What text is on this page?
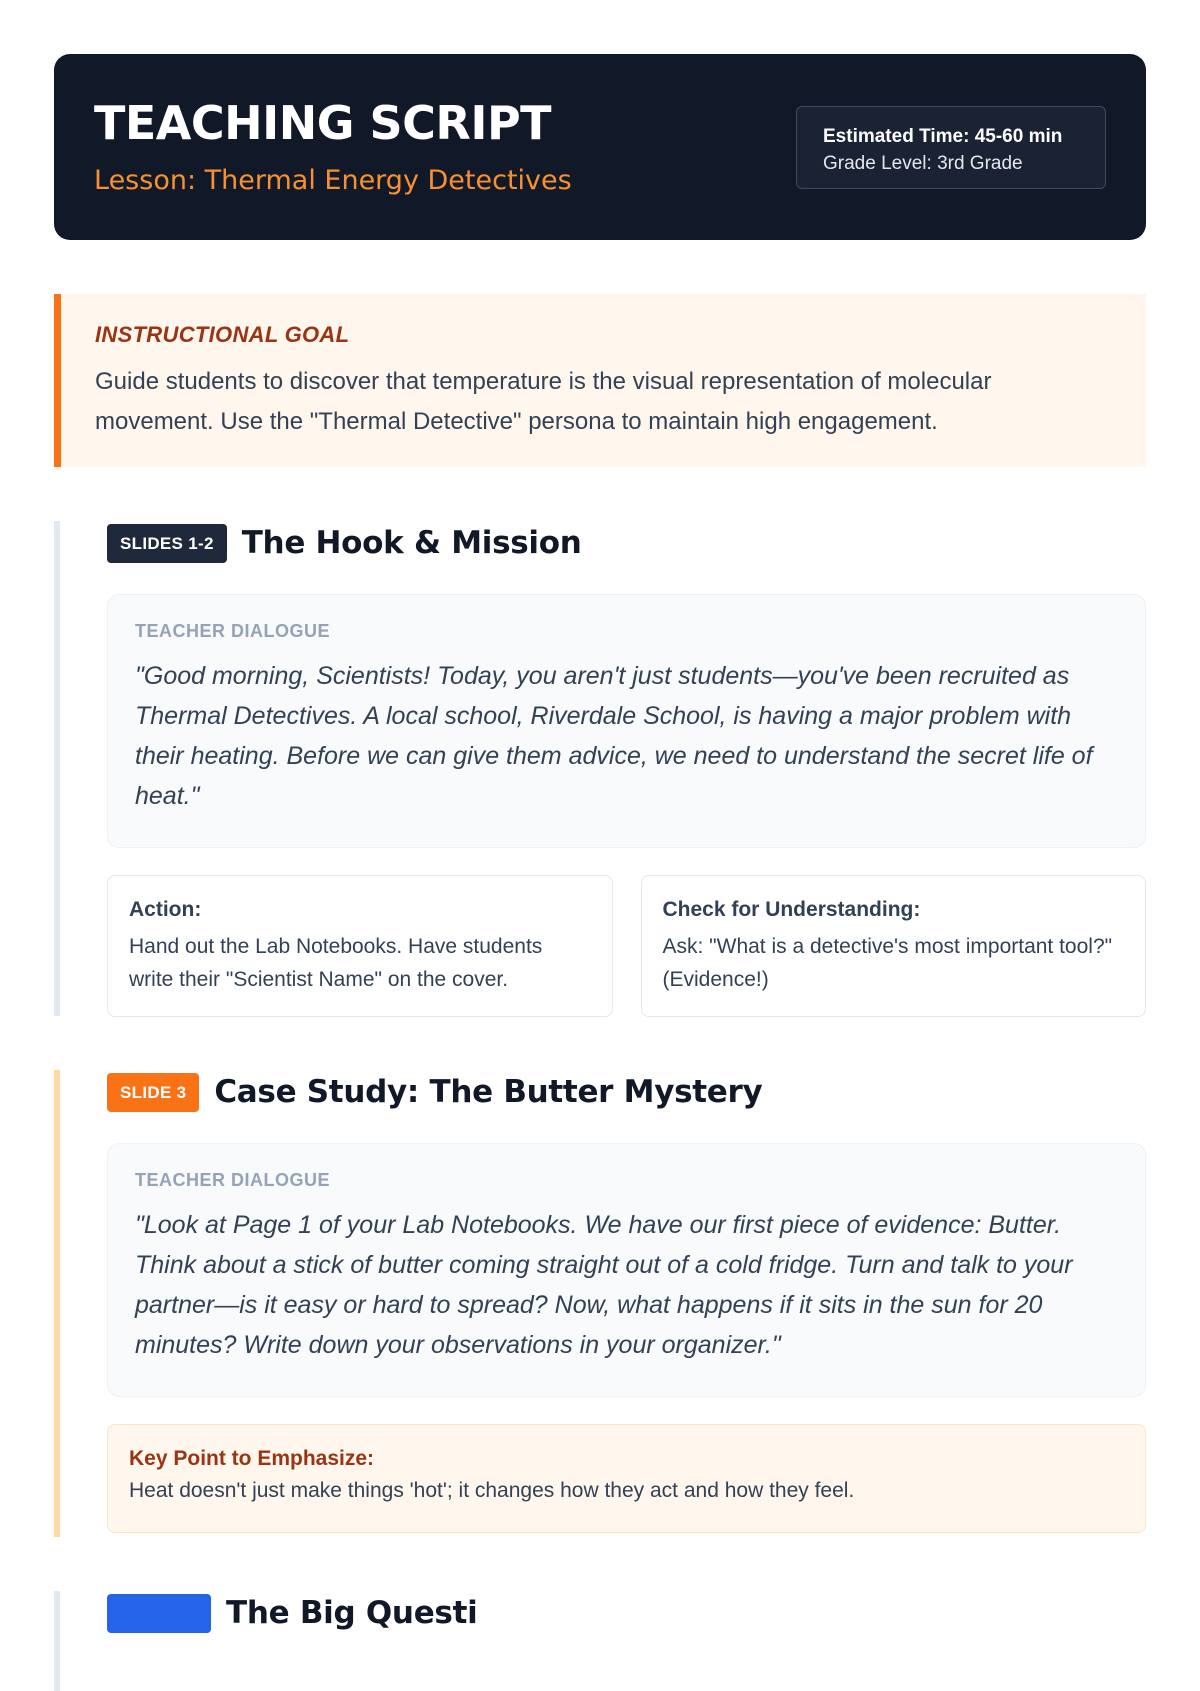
TEACHING SCRIPT
Lesson: Thermal Energy Detectives
Estimated Time: 45-60 min
Grade Level: 3rd Grade
INSTRUCTIONAL GOAL
Guide students to discover that temperature is the visual representation of molecular movement. Use the "Thermal Detective" persona to maintain high engagement.
SLIDES 1-2 The Hook & Mission
TEACHER DIALOGUE
"Good morning, Scientists! Today, you aren't just students—you've been recruited as Thermal Detectives. A local school, Riverdale School, is having a major problem with their heating. Before we can give them advice, we need to understand the secret life of heat."
Action:
Hand out the Lab Notebooks. Have students write their "Scientist Name" on the cover.
Check for Understanding:
Ask: "What is a detective's most important tool?" (Evidence!)
SLIDE 3 Case Study: The Butter Mystery
TEACHER DIALOGUE
"Look at Page 1 of your Lab Notebooks. We have our first piece of evidence: Butter. Think about a stick of butter coming straight out of a cold fridge. Turn and talk to your partner—is it easy or hard to spread? Now, what happens if it sits in the sun for 20 minutes? Write down your observations in your organizer."
Key Point to Emphasize:
Heat doesn't just make things 'hot'; it changes how they act and how they feel.

The Big Questi
